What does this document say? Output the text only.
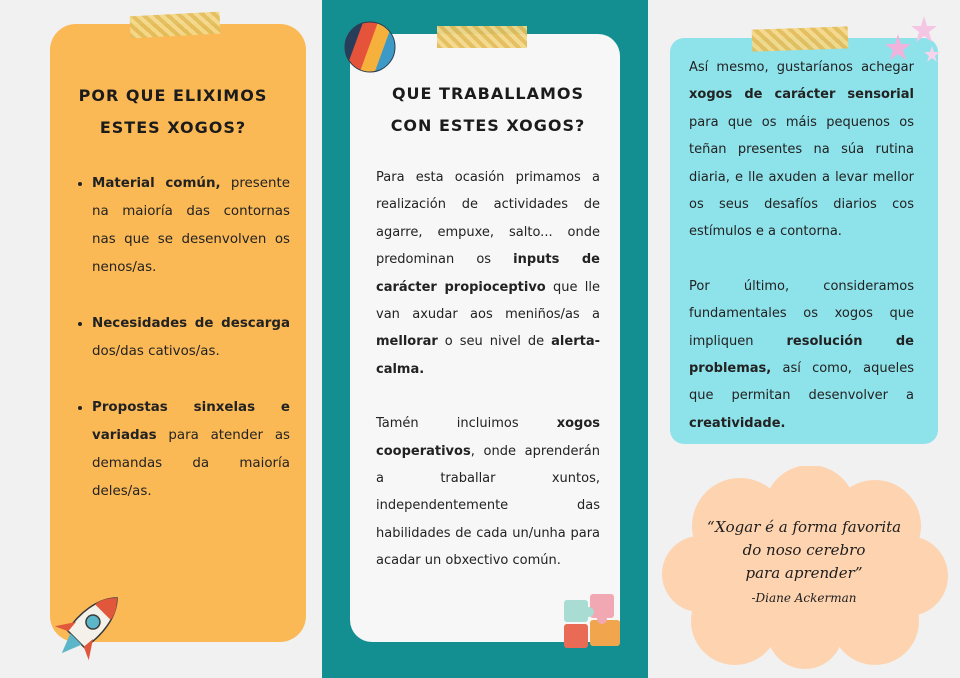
POR QUE ELIXIMOS
ESTES XOGOS?
• Material común, presente na maioría das contornas nas que se desenvolven os nenos/as.
• Necesidades de descarga dos/das cativos/as.
• Propostas sinxelas e variadas para atender as demandas da maioría deles/as.
QUE TRABALLAMOS
CON ESTES XOGOS?

Para esta ocasión primamos a realización de actividades de agarre, empuxe, salto... onde predominan os inputs de carácter propioceptivo que lle van axudar aos meniños/as a mellorar o seu nivel de alerta-calma.

Tamén incluimos xogos cooperativos, onde aprenderán a traballar xuntos, independentemente das habilidades de cada un/unha para acadar un obxectivo común.

Así mesmo, gustaríanos achegar xogos de carácter sensorial para que os máis pequenos os teñan presentes na súa rutina diaria, e lle axuden a levar mellor os seus desafíos diarios cos estímulos e a contorna.

Por último, consideramos fundamentales os xogos que impliquen resolución de problemas, así como, aqueles que permitan desenvolver a creatividade.

“Xogar é a forma favorita
do noso cerebro
para aprender”
-Diane Ackerman
